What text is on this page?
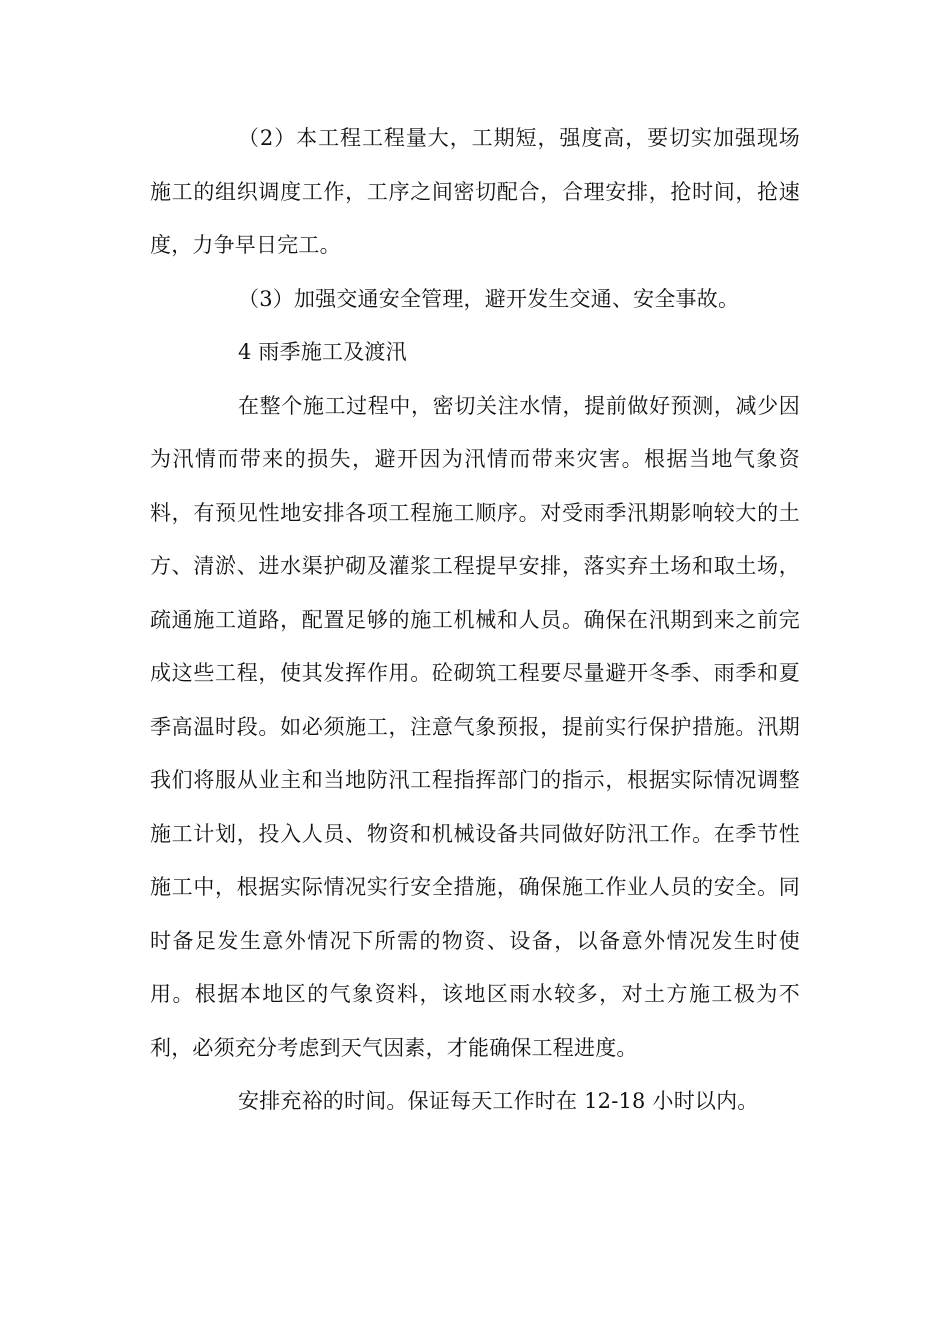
（2）本工程工程量大，工期短，强度高，要切实加强现场施工的组织调度工作，工序之间密切配合，合理安排，抢时间，抢速度，力争早日完工。

（3）加强交通安全管理，避开发生交通、安全事故。

4 雨季施工及渡汛

在整个施工过程中，密切关注水情，提前做好预测，减少因为汛情而带来的损失，避开因为汛情而带来灾害。根据当地气象资料，有预见性地安排各项工程施工顺序。对受雨季汛期影响较大的土方、清淤、进水渠护砌及灌浆工程提早安排，落实弃土场和取土场，疏通施工道路，配置足够的施工机械和人员。确保在汛期到来之前完成这些工程，使其发挥作用。砼砌筑工程要尽量避开冬季、雨季和夏季高温时段。如必须施工，注意气象预报，提前实行保护措施。汛期我们将服从业主和当地防汛工程指挥部门的指示，根据实际情况调整施工计划，投入人员、物资和机械设备共同做好防汛工作。在季节性施工中，根据实际情况实行安全措施，确保施工作业人员的安全。同时备足发生意外情况下所需的物资、设备，以备意外情况发生时使用。根据本地区的气象资料，该地区雨水较多，对土方施工极为不利，必须充分考虑到天气因素，才能确保工程进度。

安排充裕的时间。保证每天工作时在 12-18 小时以内。
